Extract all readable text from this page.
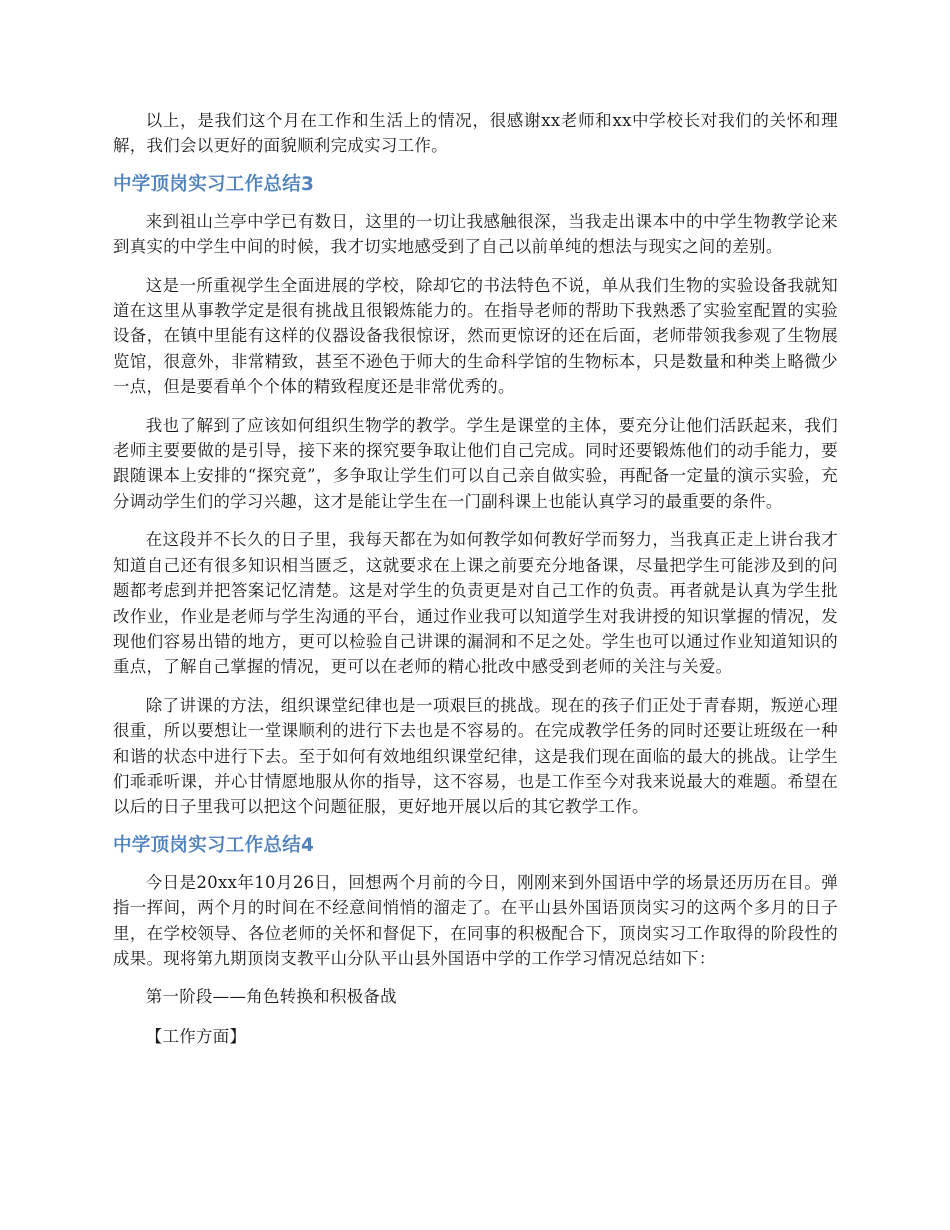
以上，是我们这个月在工作和生活上的情况，很感谢xx老师和xx中学校长对我们的关怀和理解，我们会以更好的面貌顺利完成实习工作。

中学顶岗实习工作总结3

来到祖山兰亭中学已有数日，这里的一切让我感触很深，当我走出课本中的中学生物教学论来到真实的中学生中间的时候，我才切实地感受到了自己以前单纯的想法与现实之间的差别。

这是一所重视学生全面进展的学校，除却它的书法特色不说，单从我们生物的实验设备我就知道在这里从事教学定是很有挑战且很锻炼能力的。在指导老师的帮助下我熟悉了实验室配置的实验设备，在镇中里能有这样的仪器设备我很惊讶，然而更惊讶的还在后面，老师带领我参观了生物展览馆，很意外，非常精致，甚至不逊色于师大的生命科学馆的生物标本，只是数量和种类上略微少一点，但是要看单个个体的精致程度还是非常优秀的。

我也了解到了应该如何组织生物学的教学。学生是课堂的主体，要充分让他们活跃起来，我们老师主要要做的是引导，接下来的探究要争取让他们自己完成。同时还要锻炼他们的动手能力，要跟随课本上安排的“探究竟”，多争取让学生们可以自己亲自做实验，再配备一定量的演示实验，充分调动学生们的学习兴趣，这才是能让学生在一门副科课上也能认真学习的最重要的条件。

在这段并不长久的日子里，我每天都在为如何教学如何教好学而努力，当我真正走上讲台我才知道自己还有很多知识相当匮乏，这就要求在上课之前要充分地备课，尽量把学生可能涉及到的问题都考虑到并把答案记忆清楚。这是对学生的负责更是对自己工作的负责。再者就是认真为学生批改作业，作业是老师与学生沟通的平台，通过作业我可以知道学生对我讲授的知识掌握的情况，发现他们容易出错的地方，更可以检验自己讲课的漏洞和不足之处。学生也可以通过作业知道知识的重点，了解自己掌握的情况，更可以在老师的精心批改中感受到老师的关注与关爱。

除了讲课的方法，组织课堂纪律也是一项艰巨的挑战。现在的孩子们正处于青春期，叛逆心理很重，所以要想让一堂课顺利的进行下去也是不容易的。在完成教学任务的同时还要让班级在一种和谐的状态中进行下去。至于如何有效地组织课堂纪律，这是我们现在面临的最大的挑战。让学生们乖乖听课，并心甘情愿地服从你的指导，这不容易，也是工作至今对我来说最大的难题。希望在以后的日子里我可以把这个问题征服，更好地开展以后的其它教学工作。

中学顶岗实习工作总结4

今日是20xx年10月26日，回想两个月前的今日，刚刚来到外国语中学的场景还历历在目。弹指一挥间，两个月的时间在不经意间悄悄的溜走了。在平山县外国语顶岗实习的这两个多月的日子里，在学校领导、各位老师的关怀和督促下，在同事的积极配合下，顶岗实习工作取得的阶段性的成果。现将第九期顶岗支教平山分队平山县外国语中学的工作学习情况总结如下：

第一阶段——角色转换和积极备战

【工作方面】
